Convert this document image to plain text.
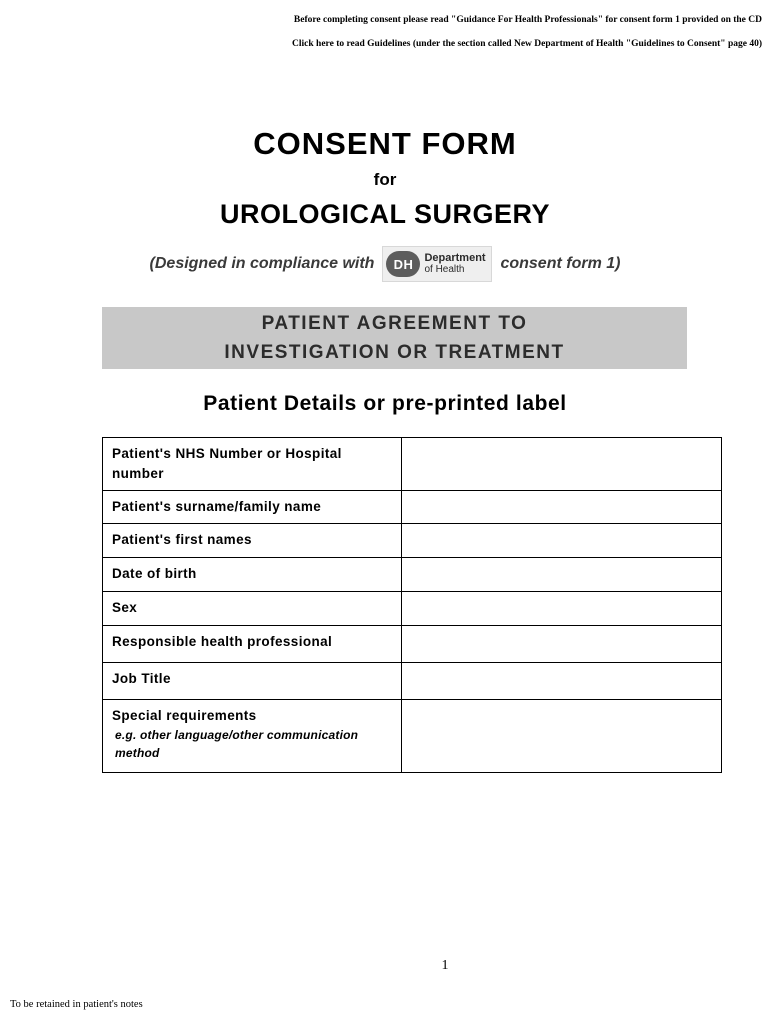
Before completing consent please read "Guidance For Health Professionals" for consent form 1 provided on the CD
Click here to read Guidelines (under the section called New Department of Health "Guidelines to Consent" page 40)
CONSENT FORM
for
UROLOGICAL SURGERY
(Designed in compliance with	DH	Department
of Health	consent form 1)
PATIENT AGREEMENT TO
INVESTIGATION OR TREATMENT
Patient Details or pre-printed label
Patient's NHS Number or Hospital number	
Patient's surname/family name	
Patient's first names	
Date of birth	
Sex	
Responsible health professional	
Job Title	
Special requirements
e.g. other language/other communication method	

1
To be retained in patient's notes
